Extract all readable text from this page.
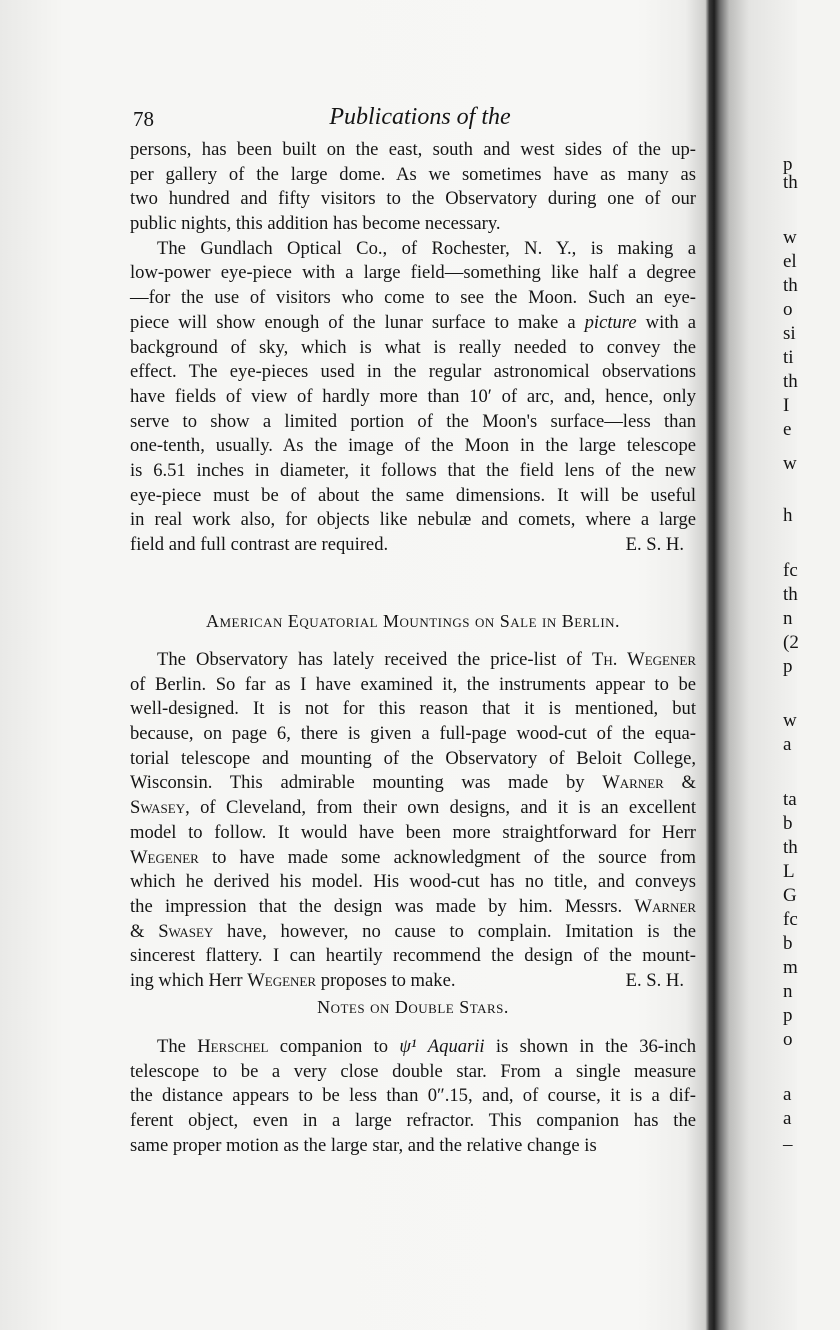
78	Publications of the
persons, has been built on the east, south and west sides of the up-
per gallery of the large dome. As we sometimes have as many as
two hundred and fifty visitors to the Observatory during one of our
public nights, this addition has become necessary.
The Gundlach Optical Co., of Rochester, N. Y., is making a
low-power eye-piece with a large field—something like half a degree
—for the use of visitors who come to see the Moon. Such an eye-
piece will show enough of the lunar surface to make a picture with a
background of sky, which is what is really needed to convey the
effect. The eye-pieces used in the regular astronomical observations
have fields of view of hardly more than 10′ of arc, and, hence, only
serve to show a limited portion of the Moon's surface—less than
one-tenth, usually. As the image of the Moon in the large telescope
is 6.51 inches in diameter, it follows that the field lens of the new
eye-piece must be of about the same dimensions. It will be useful
in real work also, for objects like nebulæ and comets, where a large
field and full contrast are required.	E. S. H.
American Equatorial Mountings on Sale in Berlin.
The Observatory has lately received the price-list of Th. Wegener
of Berlin. So far as I have examined it, the instruments appear to be
well-designed. It is not for this reason that it is mentioned, but
because, on page 6, there is given a full-page wood-cut of the equa-
torial telescope and mounting of the Observatory of Beloit College,
Wisconsin. This admirable mounting was made by Warner &
Swasey, of Cleveland, from their own designs, and it is an excellent
model to follow. It would have been more straightforward for Herr
Wegener to have made some acknowledgment of the source from
which he derived his model. His wood-cut has no title, and conveys
the impression that the design was made by him. Messrs. Warner
& Swasey have, however, no cause to complain. Imitation is the
sincerest flattery. I can heartily recommend the design of the mount-
ing which Herr Wegener proposes to make.	E. S. H.
Notes on Double Stars.
The Herschel companion to ψ¹ Aquarii is shown in the 36-inch
telescope to be a very close double star. From a single measure
the distance appears to be less than 0″.15, and, of course, it is a dif-
ferent object, even in a large refractor. This companion has the
same proper motion as the large star, and the relative change is
p
th
w
el
th
o
si
ti
th
I
e
w
h
fc
th
n
(2
p
w
a
ta
b
th
L
G
fc
b
m
n
p
o
a
a
–
